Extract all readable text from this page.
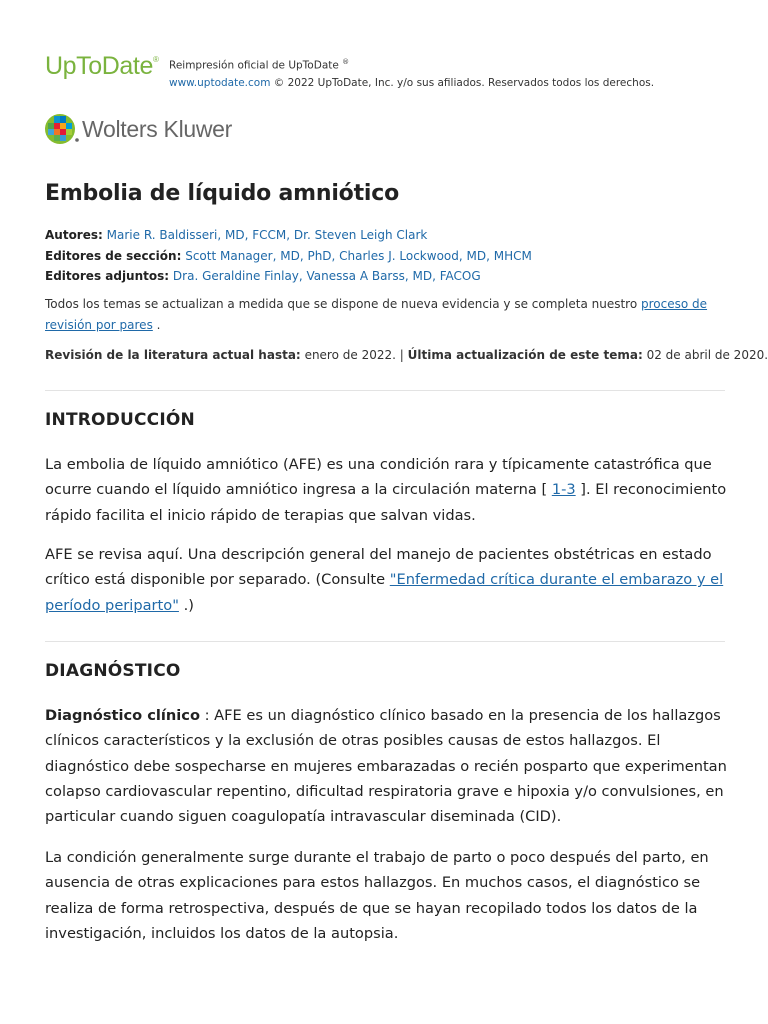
UpToDate® Reimpresión oficial de UpToDate ®
www.uptodate.com © 2022 UpToDate, Inc. y/o sus afiliados. Reservados todos los derechos.
Wolters Kluwer
Embolia de líquido amniótico
Autores: Marie R. Baldisseri, MD, FCCM, Dr. Steven Leigh Clark
Editores de sección: Scott Manager, MD, PhD, Charles J. Lockwood, MD, MHCM
Editores adjuntos: Dra. Geraldine Finlay, Vanessa A Barss, MD, FACOG
Todos los temas se actualizan a medida que se dispone de nueva evidencia y se completa nuestro proceso de revisión por pares .
Revisión de la literatura actual hasta: enero de 2022. | Última actualización de este tema: 02 de abril de 2020.
INTRODUCCIÓN

La embolia de líquido amniótico (AFE) es una condición rara y típicamente catastrófica que ocurre cuando el líquido amniótico ingresa a la circulación materna [ 1-3 ]. El reconocimiento rápido facilita el inicio rápido de terapias que salvan vidas.

AFE se revisa aquí. Una descripción general del manejo de pacientes obstétricas en estado crítico está disponible por separado. (Consulte "Enfermedad crítica durante el embarazo y el período periparto" .)

DIAGNÓSTICO

Diagnóstico clínico : AFE es un diagnóstico clínico basado en la presencia de los hallazgos clínicos característicos y la exclusión de otras posibles causas de estos hallazgos. El diagnóstico debe sospecharse en mujeres embarazadas o recién posparto que experimentan colapso cardiovascular repentino, dificultad respiratoria grave e hipoxia y/o convulsiones, en particular cuando siguen coagulopatía intravascular diseminada (CID).

La condición generalmente surge durante el trabajo de parto o poco después del parto, en ausencia de otras explicaciones para estos hallazgos. En muchos casos, el diagnóstico se realiza de forma retrospectiva, después de que se hayan recopilado todos los datos de la investigación, incluidos los datos de la autopsia.
